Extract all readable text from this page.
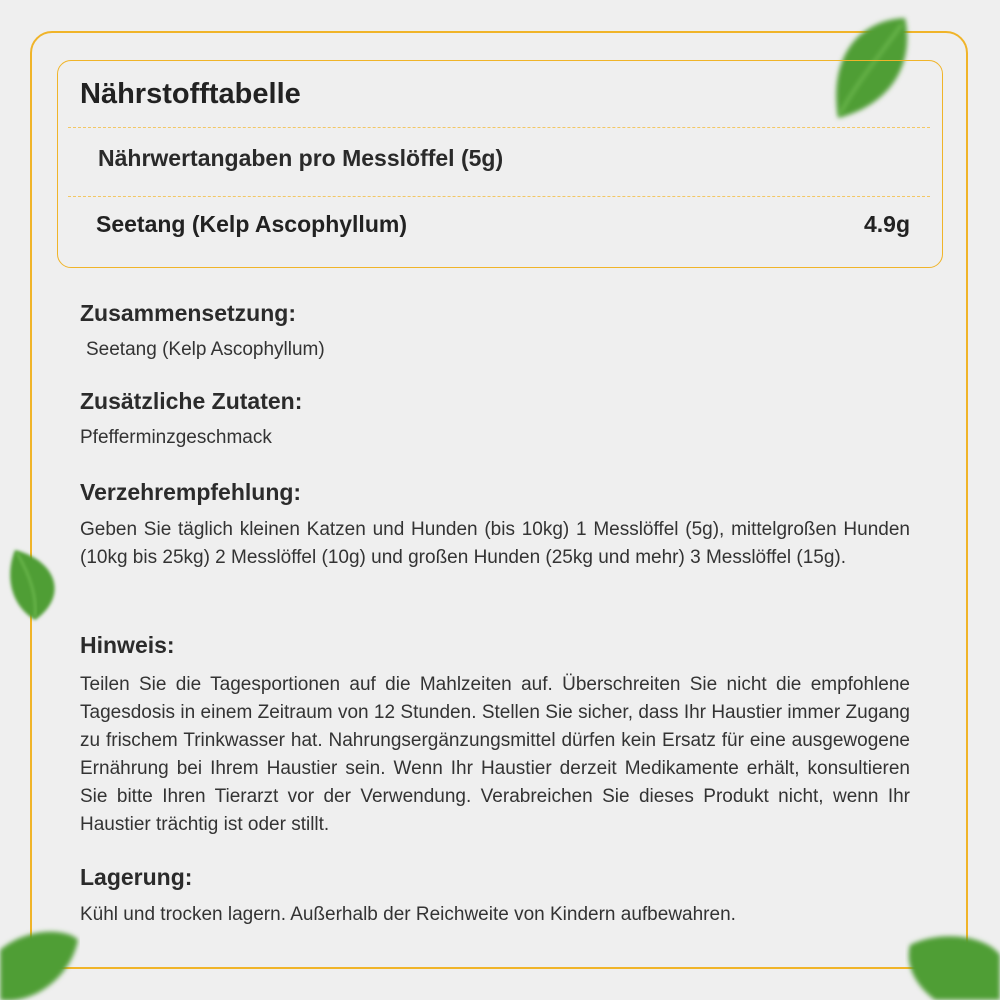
Nährstofftabelle
Nährwertangaben pro Messlöffel (5g)
Seetang (Kelp Ascophyllum)	4.9g
Zusammensetzung:
Seetang (Kelp Ascophyllum)
Zusätzliche Zutaten:
Pfefferminzgeschmack
Verzehrempfehlung:
Geben Sie täglich kleinen Katzen und Hunden (bis 10kg) 1 Messlöffel (5g), mittelgroßen Hunden (10kg bis 25kg) 2 Messlöffel (10g) und großen Hunden (25kg und mehr) 3 Messlöffel (15g).
Hinweis:
Teilen Sie die Tagesportionen auf die Mahlzeiten auf. Überschreiten Sie nicht die empfohlene Tagesdosis in einem Zeitraum von 12 Stunden. Stellen Sie sicher, dass Ihr Haustier immer Zugang zu frischem Trinkwasser hat. Nahrungsergänzungsmittel dürfen kein Ersatz für eine ausgewogene Ernährung bei Ihrem Haustier sein. Wenn Ihr Haustier derzeit Medikamente erhält, konsultieren Sie bitte Ihren Tierarzt vor der Verwendung. Verabreichen Sie dieses Produkt nicht, wenn Ihr Haustier trächtig ist oder stillt.
Lagerung:
Kühl und trocken lagern. Außerhalb der Reichweite von Kindern aufbewahren.
